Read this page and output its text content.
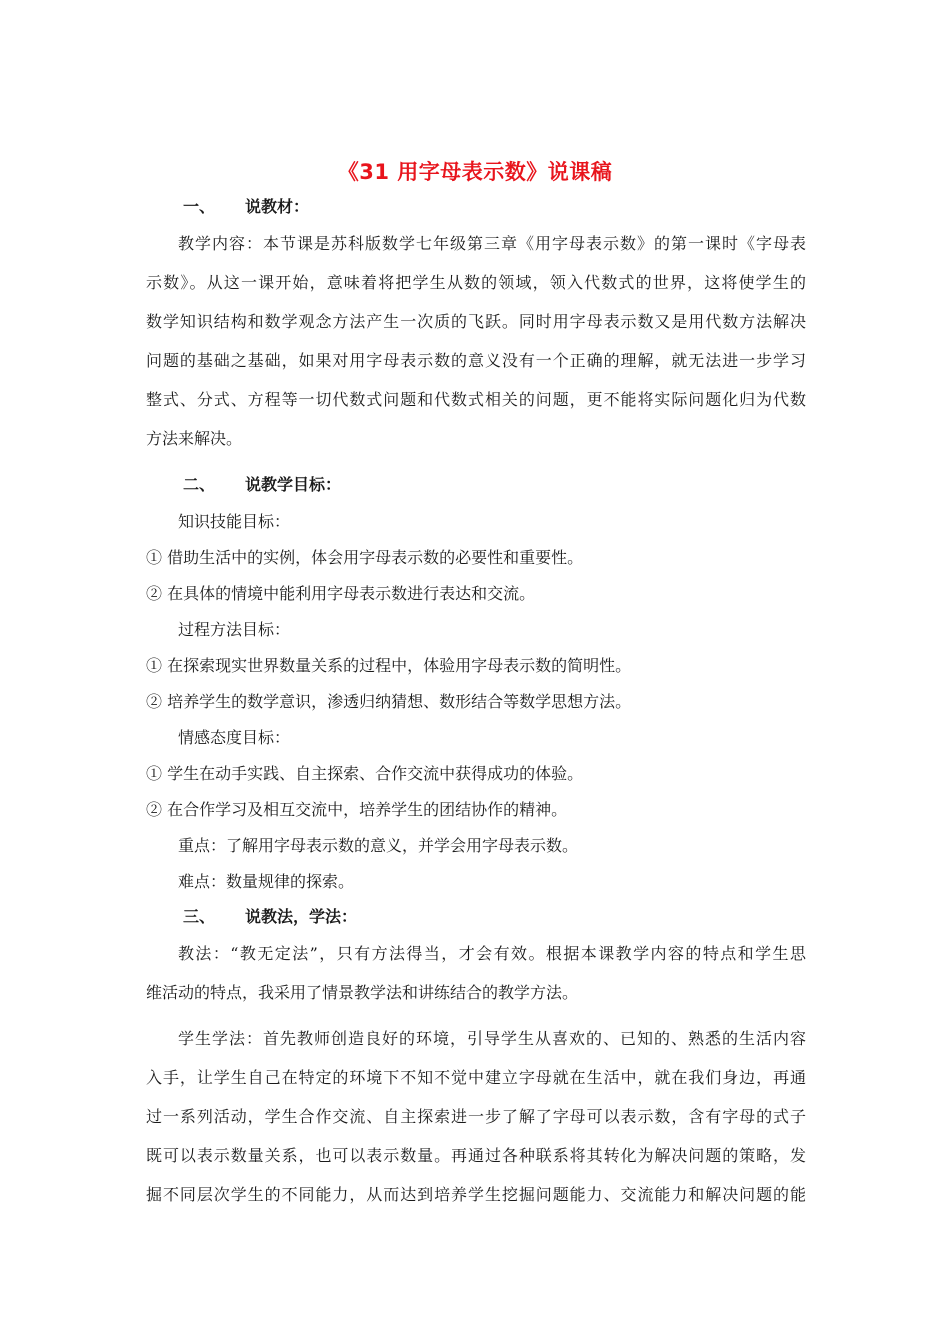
《31 用字母表示数》说课稿
一、 说教材：
教学内容：本节课是苏科版数学七年级第三章《用字母表示数》的第一课时《字母表
示数》。从这一课开始，意味着将把学生从数的领域，领入代数式的世界，这将使学生的
数学知识结构和数学观念方法产生一次质的飞跃。同时用字母表示数又是用代数方法解决
问题的基础之基础，如果对用字母表示数的意义没有一个正确的理解，就无法进一步学习
整式、分式、方程等一切代数式问题和代数式相关的问题，更不能将实际问题化归为代数
方法来解决。
二、 说教学目标：
知识技能目标：
① 借助生活中的实例，体会用字母表示数的必要性和重要性。
② 在具体的情境中能利用字母表示数进行表达和交流。
过程方法目标：
① 在探索现实世界数量关系的过程中，体验用字母表示数的简明性。
② 培养学生的数学意识，渗透归纳猜想、数形结合等数学思想方法。
情感态度目标：
① 学生在动手实践、自主探索、合作交流中获得成功的体验。
② 在合作学习及相互交流中，培养学生的团结协作的精神。
重点：了解用字母表示数的意义，并学会用字母表示数。
难点：数量规律的探索。
三、 说教法，学法：
教法：“教无定法”，只有方法得当，才会有效。根据本课教学内容的特点和学生思
维活动的特点，我采用了情景教学法和讲练结合的教学方法。
学生学法：首先教师创造良好的环境，引导学生从喜欢的、已知的、熟悉的生活内容
入手，让学生自己在特定的环境下不知不觉中建立字母就在生活中，就在我们身边，再通
过一系列活动，学生合作交流、自主探索进一步了解了字母可以表示数，含有字母的式子
既可以表示数量关系，也可以表示数量。再通过各种联系将其转化为解决问题的策略，发
掘不同层次学生的不同能力，从而达到培养学生挖掘问题能力、交流能力和解决问题的能
